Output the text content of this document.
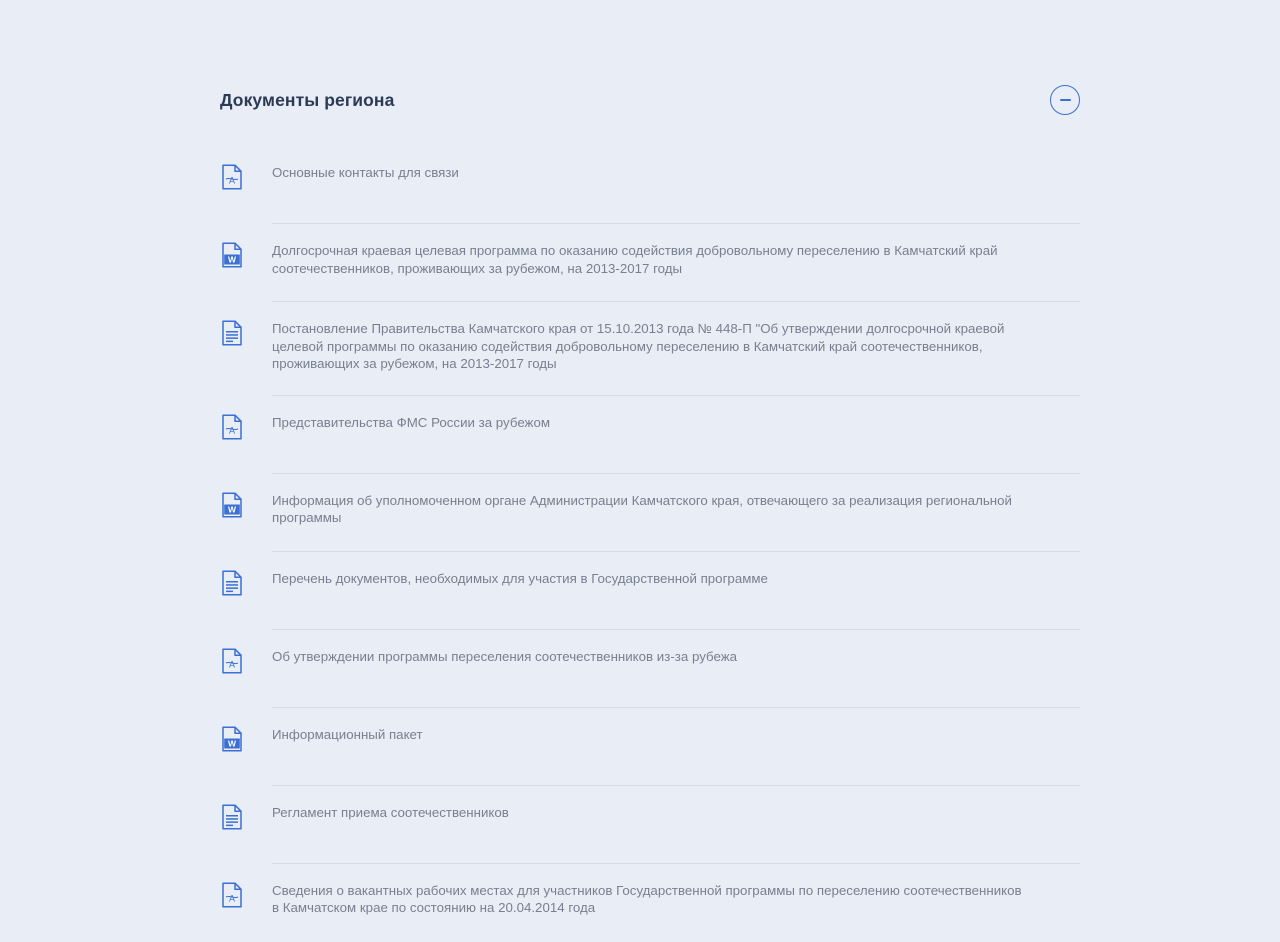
Документы региона
A
Основные контакты для связи
W
Долгосрочная краевая целевая программа по оказанию содействия добровольному переселению в Камчатский край соотечественников, проживающих за рубежом, на 2013-2017 годы
Постановление Правительства Камчатского края от 15.10.2013 года № 448-П "Об утверждении долгосрочной краевой целевой программы по оказанию содействия добровольному переселению в Камчатский край соотечественников, проживающих за рубежом, на 2013-2017 годы
A
Представительства ФМС России за рубежом
W
Информация об уполномоченном органе Администрации Камчатского края, отвечающего за реализация региональной программы
Перечень документов, необходимых для участия в Государственной программе
A
Об утверждении программы переселения соотечественников из-за рубежа
W
Информационный пакет
Регламент приема соотечественников
A
Сведения о вакантных рабочих местах для участников Государственной программы по переселению соотечественников в Камчатском крае по состоянию на 20.04.2014 года
